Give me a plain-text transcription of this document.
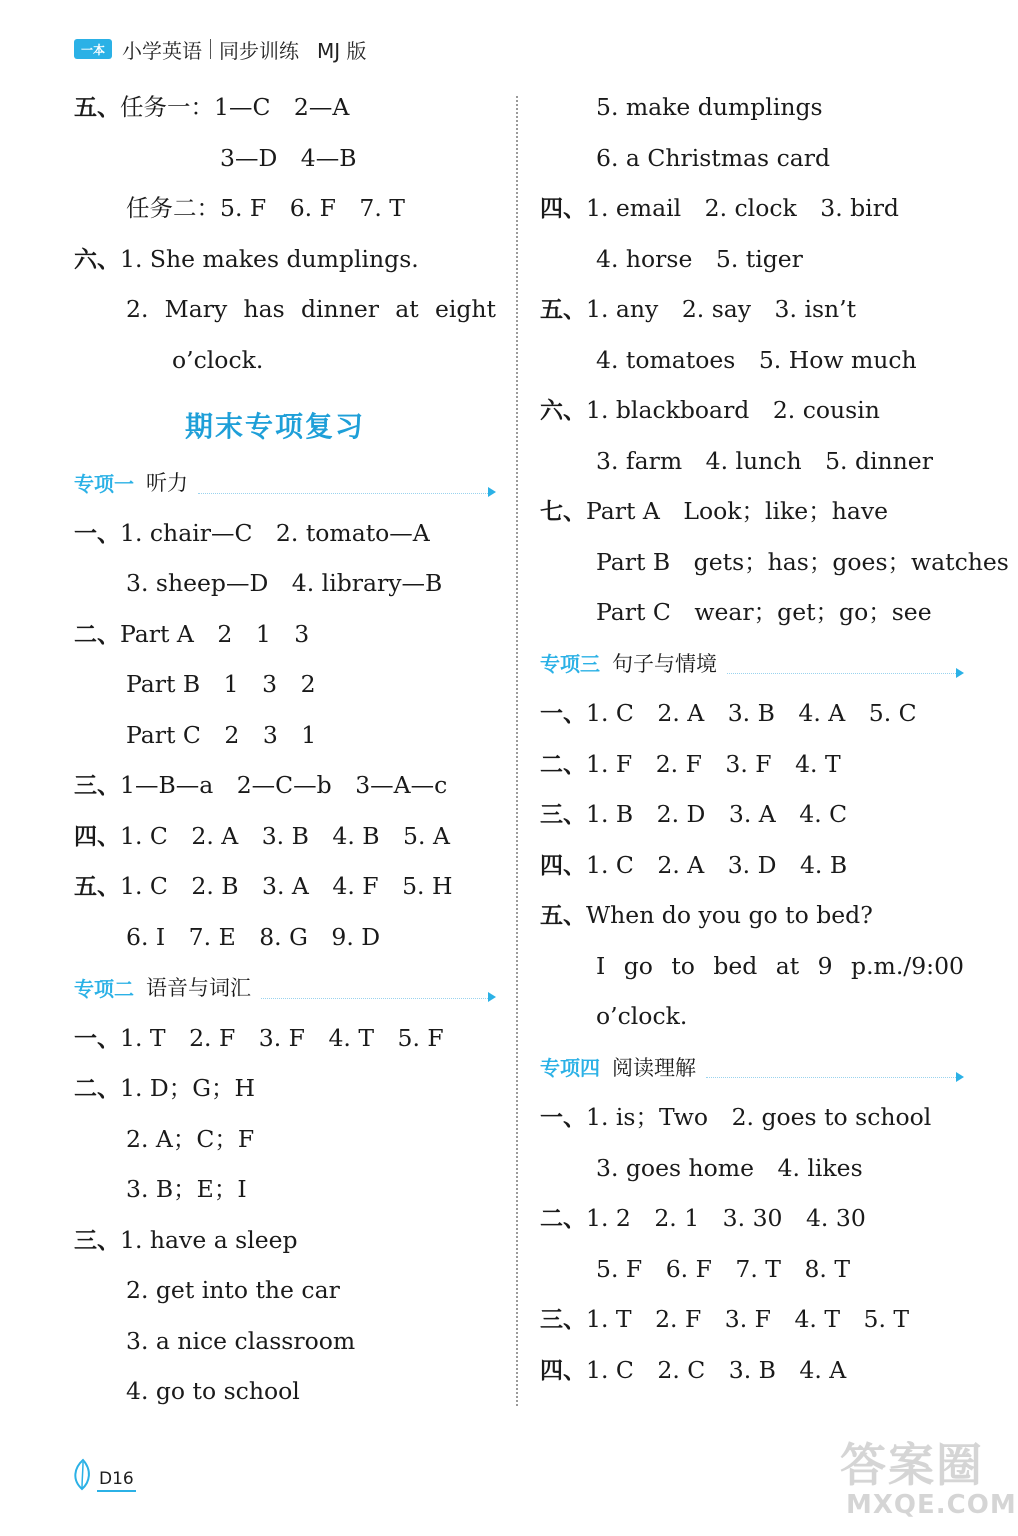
一本 小学英语 同步训练 MJ 版
五、任务一：1—C　2—A
3—D　4—B
任务二：5. F　6. F　7. T
六、1. She makes dumplings.
2. Mary has dinner at eight
o’clock.
期末专项复习
专项一 听力
一、1. chair—C　2. tomato—A
3. sheep—D　4. library—B
二、Part A　2　1　3
Part B　1　3　2
Part C　2　3　1
三、1—B—a　2—C—b　3—A—c
四、1. C　2. A　3. B　4. B　5. A
五、1. C　2. B　3. A　4. F　5. H
6. I　7. E　8. G　9. D
专项二 语音与词汇
一、1. T　2. F　3. F　4. T　5. F
二、1. D；G；H
2. A；C；F
3. B；E；I
三、1. have a sleep
2. get into the car
3. a nice classroom
4. go to school
5. make dumplings
6. a Christmas card
四、1. email　2. clock　3. bird
4. horse　5. tiger
五、1. any　2. say　3. isn’t
4. tomatoes　5. How much
六、1. blackboard　2. cousin
3. farm　4. lunch　5. dinner
七、Part A　Look；like；have
Part B　gets；has；goes；watches
Part C　wear；get；go；see
专项三 句子与情境
一、1. C　2. A　3. B　4. A　5. C
二、1. F　2. F　3. F　4. T
三、1. B　2. D　3. A　4. C
四、1. C　2. A　3. D　4. B
五、When do you go to bed?
I go to bed at 9 p.m./9:00
o’clock.
专项四 阅读理解
一、1. is；Two　2. goes to school
3. goes home　4. likes
二、1. 2　2. 1　3. 30　4. 30
5. F　6. F　7. T　8. T
三、1. T　2. F　3. F　4. T　5. T
四、1. C　2. C　3. B　4. A
D16	答案圈
MXQE.COM
